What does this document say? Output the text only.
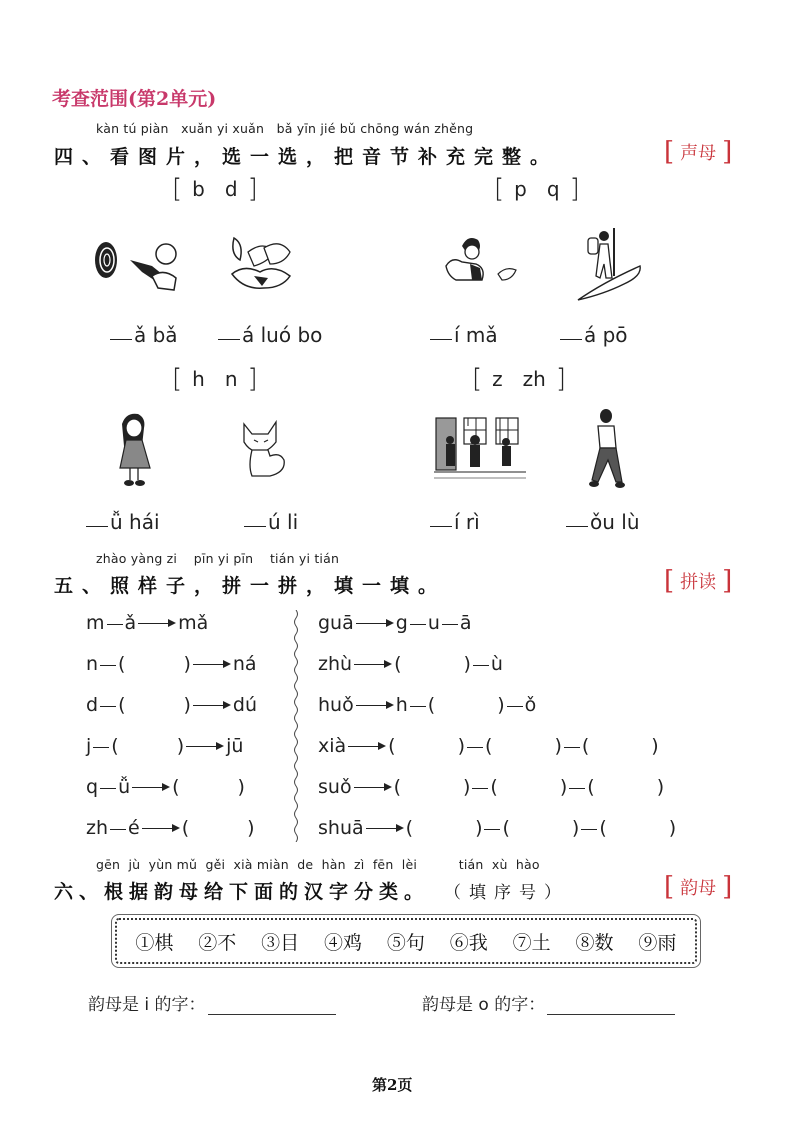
考查范围(第2单元)
kàn tú piàn   xuǎn yi xuǎn   bǎ yīn jié bǔ chōng wán zhěng
四、看图片，选一选，把音节补充完整。	[ 声母 ]
[ b d ]
ǎ bǎ	á luó bo
[ p q ]
í mǎ	á pō
[ h n ]
ǚ hái	ú li
[ z zh ]
í rì	ǒu lù
zhào yàng zi    pīn yi pīn    tián yi tián
五、照样子，拼一拼，填一填。	[ 拼读 ]
m ǎ mǎ
n (	) ná
d (	) dú
j (	) jū
q ǚ (	)
zh é (	)
guā g u ā
zhù (	) ù
huǒ h (	) ǒ
xià (	) (	) (	)
suǒ (	) (	) (	)
shuā (	) (	) (	)
gēn  jù  yùn mǔ  gěi  xià miàn  de  hàn  zì  fēn  lèi          tián  xù  hào
六、根据韵母给下面的汉字分类。 （填序号）	[ 韵母 ]
①棋 ②不 ③目 ④鸡 ⑤句 ⑥我 ⑦土 ⑧数 ⑨雨
韵母是 i 的字：	韵母是 o 的字：
第2页
